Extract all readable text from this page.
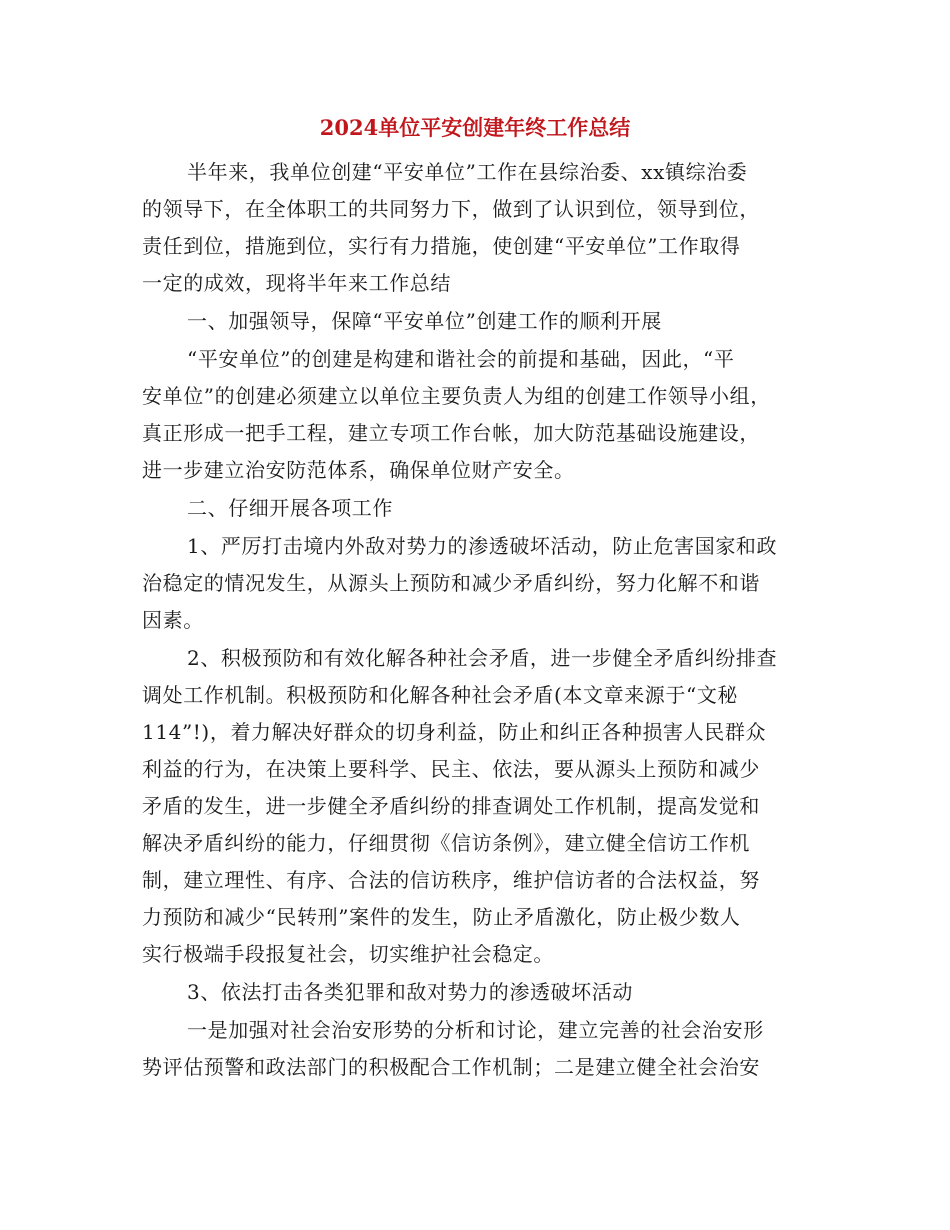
2024单位平安创建年终工作总结
半年来，我单位创建“平安单位”工作在县综治委、xx镇综治委
的领导下，在全体职工的共同努力下，做到了认识到位，领导到位，
责任到位，措施到位，实行有力措施，使创建“平安单位”工作取得
一定的成效，现将半年来工作总结
一、加强领导，保障“平安单位”创建工作的顺利开展
“平安单位”的创建是构建和谐社会的前提和基础，因此，“平
安单位”的创建必须建立以单位主要负责人为组的创建工作领导小组，
真正形成一把手工程，建立专项工作台帐，加大防范基础设施建设，
进一步建立治安防范体系，确保单位财产安全。
二、仔细开展各项工作
1、严厉打击境内外敌对势力的渗透破坏活动，防止危害国家和政
治稳定的情况发生，从源头上预防和减少矛盾纠纷，努力化解不和谐
因素。
2、积极预防和有效化解各种社会矛盾，进一步健全矛盾纠纷排查
调处工作机制。积极预防和化解各种社会矛盾(本文章来源于“文秘
114”!)，着力解决好群众的切身利益，防止和纠正各种损害人民群众
利益的行为，在决策上要科学、民主、依法，要从源头上预防和减少
矛盾的发生，进一步健全矛盾纠纷的排查调处工作机制，提高发觉和
解决矛盾纠纷的能力，仔细贯彻《信访条例》，建立健全信访工作机
制，建立理性、有序、合法的信访秩序，维护信访者的合法权益，努
力预防和减少“民转刑”案件的发生，防止矛盾激化，防止极少数人
实行极端手段报复社会，切实维护社会稳定。
3、依法打击各类犯罪和敌对势力的渗透破坏活动
一是加强对社会治安形势的分析和讨论，建立完善的社会治安形
势评估预警和政法部门的积极配合工作机制；二是建立健全社会治安
